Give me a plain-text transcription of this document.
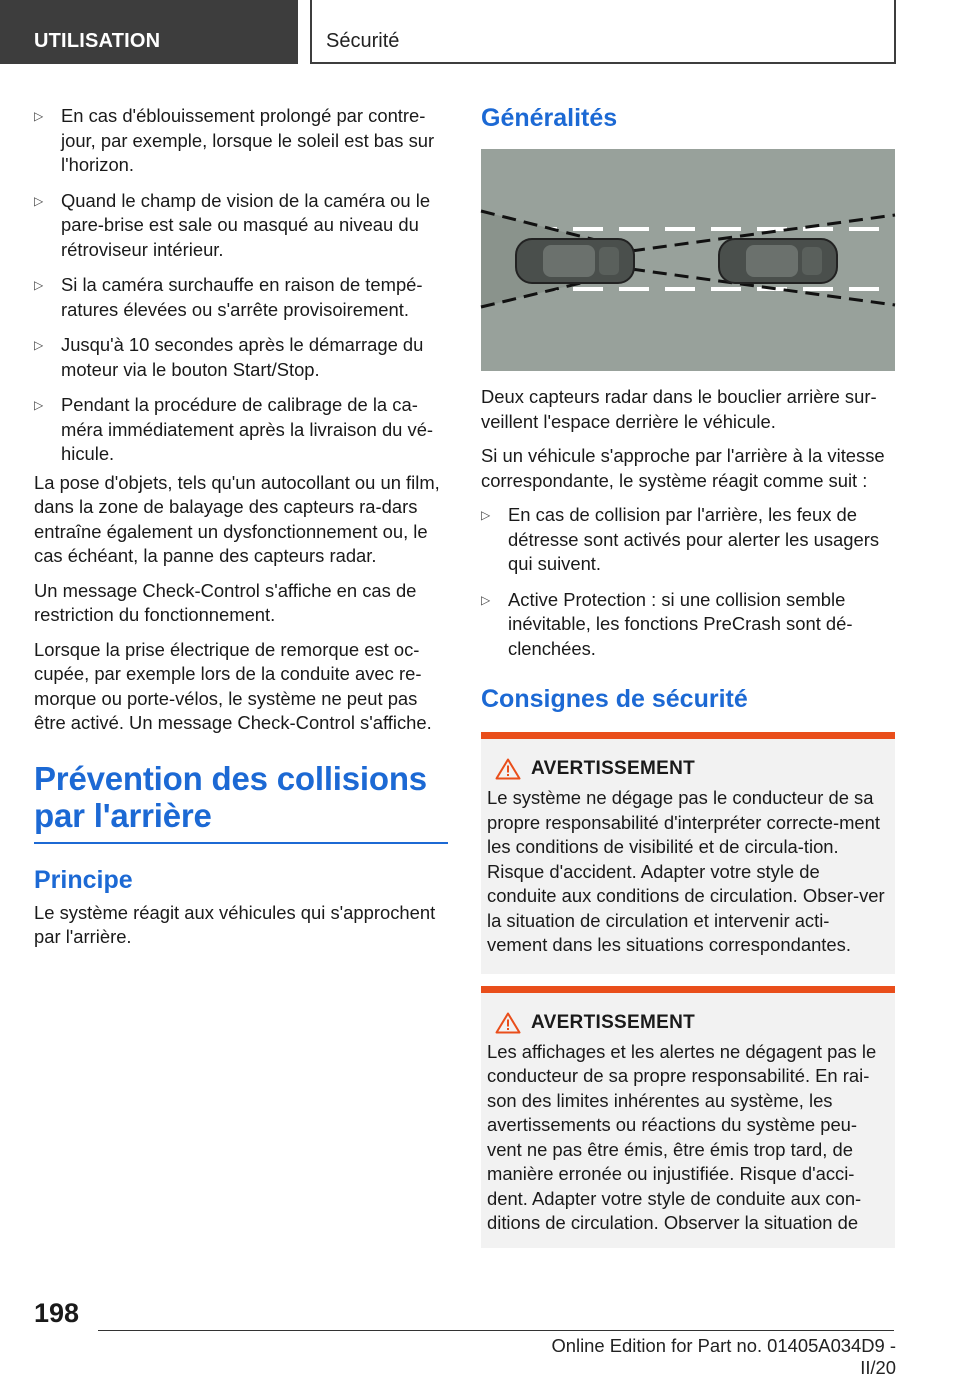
UTILISATION	Sécurité
▷ En cas d'éblouissement prolongé par contre-jour, par exemple, lorsque le soleil est bas sur l'horizon.
▷ Quand le champ de vision de la caméra ou le pare-brise est sale ou masqué au niveau du rétroviseur intérieur.
▷ Si la caméra surchauffe en raison de tempé-ratures élevées ou s'arrête provisoirement.
▷ Jusqu'à 10 secondes après le démarrage du moteur via le bouton Start/Stop.
▷ Pendant la procédure de calibrage de la ca-méra immédiatement après la livraison du vé-hicule.

La pose d'objets, tels qu'un autocollant ou un film, dans la zone de balayage des capteurs ra-dars entraîne également un dysfonctionnement ou, le cas échéant, la panne des capteurs radar.

Un message Check-Control s'affiche en cas de restriction du fonctionnement.

Lorsque la prise électrique de remorque est oc-cupée, par exemple lors de la conduite avec re-morque ou porte-vélos, le système ne peut pas être activé. Un message Check-Control s'affiche.

Prévention des collisions par l'arrière
Principe

Le système réagit aux véhicules qui s'approchent par l'arrière.

Généralités

Deux capteurs radar dans le bouclier arrière sur-veillent l'espace derrière le véhicule.

Si un véhicule s'approche par l'arrière à la vitesse correspondante, le système réagit comme suit :

▷ En cas de collision par l'arrière, les feux de détresse sont activés pour alerter les usagers qui suivent.
▷ Active Protection : si une collision semble inévitable, les fonctions PreCrash sont dé-clenchées.
Consignes de sécurité
AVERTISSEMENT

Le système ne dégage pas le conducteur de sa propre responsabilité d'interpréter correcte-ment les conditions de visibilité et de circula-tion. Risque d'accident. Adapter votre style de conduite aux conditions de circulation. Obser-ver la situation de circulation et intervenir acti-vement dans les situations correspondantes.

AVERTISSEMENT

Les affichages et les alertes ne dégagent pas le conducteur de sa propre responsabilité. En rai-son des limites inhérentes au système, les avertissements ou réactions du système peu-vent ne pas être émis, être émis trop tard, de manière erronée ou injustifiée. Risque d'acci-dent. Adapter votre style de conduite aux con-ditions de circulation. Observer la situation de

198
Online Edition for Part no. 01405A034D9 - II/20
